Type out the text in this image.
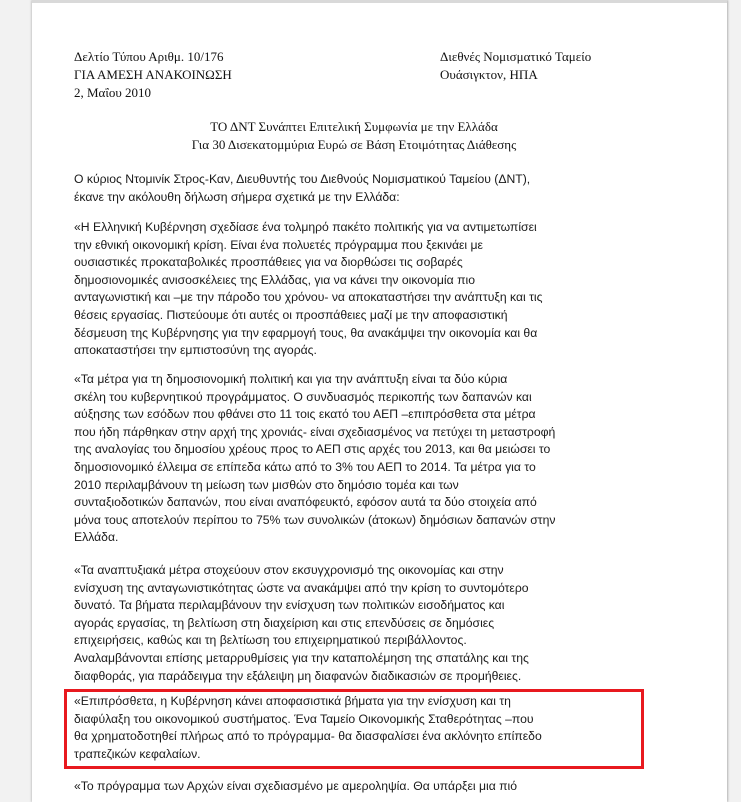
Δελτίο Τύπου Αριθμ. 10/176
ΓΙΑ ΑΜΕΣΗ ΑΝΑΚΟΙΝΩΣΗ
2, Μαΐου 2010
Διεθνές Νομισματικό Ταμείο
Ουάσιγκτον, ΗΠΑ
ΤΟ ΔΝΤ Συνάπτει Επιτελική Συμφωνία με την Ελλάδα
Για 30 Δισεκατομμύρια Ευρώ σε Βάση Ετοιμότητας Διάθεσης
Ο κύριος Ντομινίκ Στρος-Καν, Διευθυντής του Διεθνούς Νομισματικού Ταμείου (ΔΝΤ),
έκανε την ακόλουθη δήλωση σήμερα σχετικά με την Ελλάδα:
«Η Ελληνική Κυβέρνηση σχεδίασε ένα τολμηρό πακέτο πολιτικής για να αντιμετωπίσει
την εθνική οικονομική κρίση. Είναι ένα πολυετές πρόγραμμα που ξεκινάει με
ουσιαστικές προκαταβολικές προσπάθειες για να διορθώσει τις σοβαρές
δημοσιονομικές ανισοσκέλειες της Ελλάδας, για να κάνει την οικονομία πιο
ανταγωνιστική και –με την πάροδο του χρόνου- να αποκαταστήσει την ανάπτυξη και τις
θέσεις εργασίας. Πιστεύουμε ότι αυτές οι προσπάθειες μαζί με την αποφασιστική
δέσμευση της Κυβέρνησης για την εφαρμογή τους, θα ανακάμψει την οικονομία και θα
αποκαταστήσει την εμπιστοσύνη της αγοράς.
«Τα μέτρα για τη δημοσιονομική πολιτική και για την ανάπτυξη είναι τα δύο κύρια
σκέλη του κυβερνητικού προγράμματος. Ο συνδυασμός περικοπής των δαπανών και
αύξησης των εσόδων που φθάνει στο 11 τοις εκατό του ΑΕΠ –επιπρόσθετα στα μέτρα
που ήδη πάρθηκαν στην αρχή της χρονιάς- είναι σχεδιασμένος να πετύχει τη μεταστροφή
της αναλογίας του δημοσίου χρέους προς το ΑΕΠ στις αρχές του 2013, και θα μειώσει το
δημοσιονομικό έλλειμα σε επίπεδα κάτω από το 3% του ΑΕΠ το 2014. Τα μέτρα για το
2010 περιλαμβάνουν τη μείωση των μισθών στο δημόσιο τομέα και των
συνταξιοδοτικών δαπανών, που είναι αναπόφευκτό, εφόσον αυτά τα δύο στοιχεία από
μόνα τους αποτελούν περίπου το 75% των συνολικών (άτοκων) δημόσιων δαπανών στην
Ελλάδα.
«Τα αναπτυξιακά μέτρα στοχεύουν στον εκσυγχρονισμό της οικονομίας και στην
ενίσχυση της ανταγωνιστικότητας ώστε να ανακάμψει από την κρίση το συντομότερο
δυνατό. Τα βήματα περιλαμβάνουν την ενίσχυση των πολιτικών εισοδήματος και
αγοράς εργασίας, τη βελτίωση στη διαχείριση και στις επενδύσεις σε δημόσιες
επιχειρήσεις, καθώς και τη βελτίωση του επιχειρηματικού περιβάλλοντος.
Αναλαμβάνονται επίσης μεταρρυθμίσεις για την καταπολέμηση της σπατάλης και της
διαφθοράς, για παράδειγμα την εξάλειψη μη διαφανών διαδικασιών σε προμήθειες.
«Επιπρόσθετα, η Κυβέρνηση κάνει αποφασιστικά βήματα για την ενίσχυση και τη
διαφύλαξη του οικονομικού συστήματος. Ένα Ταμείο Οικονομικής Σταθερότητας –που
θα χρηματοδοτηθεί πλήρως από το πρόγραμμα- θα διασφαλίσει ένα ακλόνητο επίπεδο
τραπεζικών κεφαλαίων.
«Το πρόγραμμα των Αρχών είναι σχεδιασμένο με αμεροληψία. Θα υπάρξει μια πιό
